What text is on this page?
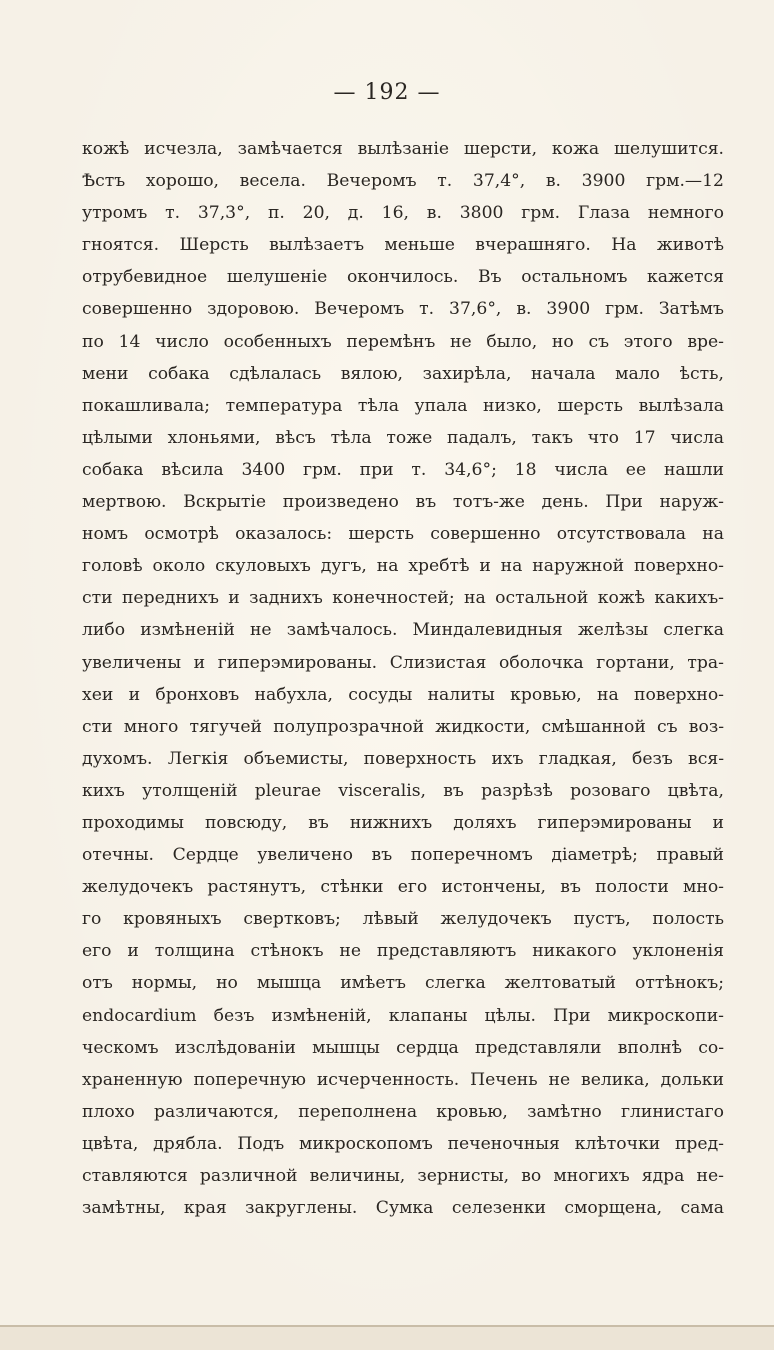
— 192 —
кожѣ исчезла, замѣчается вылѣзаніе шерсти, кожа шелушится.
Ѣстъ хорошо, весела. Вечеромъ т. 37,4°, в. 3900 грм.—12
утромъ т. 37,3°, п. 20, д. 16, в. 3800 грм. Глаза немного
гноятся. Шерсть вылѣзаетъ меньше вчерашняго. На животѣ
отрубевидное шелушеніе окончилось. Въ остальномъ кажется
совершенно здоровою. Вечеромъ т. 37,6°, в. 3900 грм. Затѣмъ
по 14 число особенныхъ перемѣнъ не было, но съ этого вре-
мени собака сдѣлалась вялою, захирѣла, начала мало ѣсть,
покашливала; температура тѣла упала низко, шерсть вылѣзала
цѣлыми хлоньями, вѣсъ тѣла тоже падалъ, такъ что 17 числа
собака вѣсила 3400 грм. при т. 34,6°; 18 числа ее нашли
мертвою. Вскрытіе произведено въ тотъ-же день. При наруж-
номъ осмотрѣ оказалось: шерсть совершенно отсутствовала на
головѣ около скуловыхъ дугъ, на хребтѣ и на наружной поверхно-
сти переднихъ и заднихъ конечностей; на остальной кожѣ какихъ-
либо измѣненій не замѣчалось. Миндалевидныя желѣзы слегка
увеличены и гиперэмированы. Слизистая оболочка гортани, тра-
хеи и бронховъ набухла, сосуды налиты кровью, на поверхно-
сти много тягучей полупрозрачной жидкости, смѣшанной съ воз-
духомъ. Легкія объемисты, поверхность ихъ гладкая, безъ вся-
кихъ утолщеній pleurae viscerаlis, въ разрѣзѣ розоваго цвѣта,
проходимы повсюду, въ нижнихъ доляхъ гиперэмированы и
отечны. Сердце увеличено въ поперечномъ діаметрѣ; правый
желудочекъ растянутъ, стѣнки его истончены, въ полости мно-
го кровяныхъ свертковъ; лѣвый желудочекъ пустъ, полость
его и толщина стѣнокъ не представляютъ никакого уклоненія
отъ нормы, но мышца имѣетъ слегка желтоватый оттѣнокъ;
endocardium безъ измѣненій, клапаны цѣлы. При микроскопи-
ческомъ изслѣдованіи мышцы сердца представляли вполнѣ со-
храненную поперечную исчерченность. Печень не велика, дольки
плохо различаются, переполнена кровью, замѣтно глинистаго
цвѣта, дрябла. Подъ микроскопомъ печеночныя клѣточки пред-
ставляются различной величины, зернисты, во многихъ ядра не-
замѣтны, края закруглены. Сумка селезенки сморщена, сама
